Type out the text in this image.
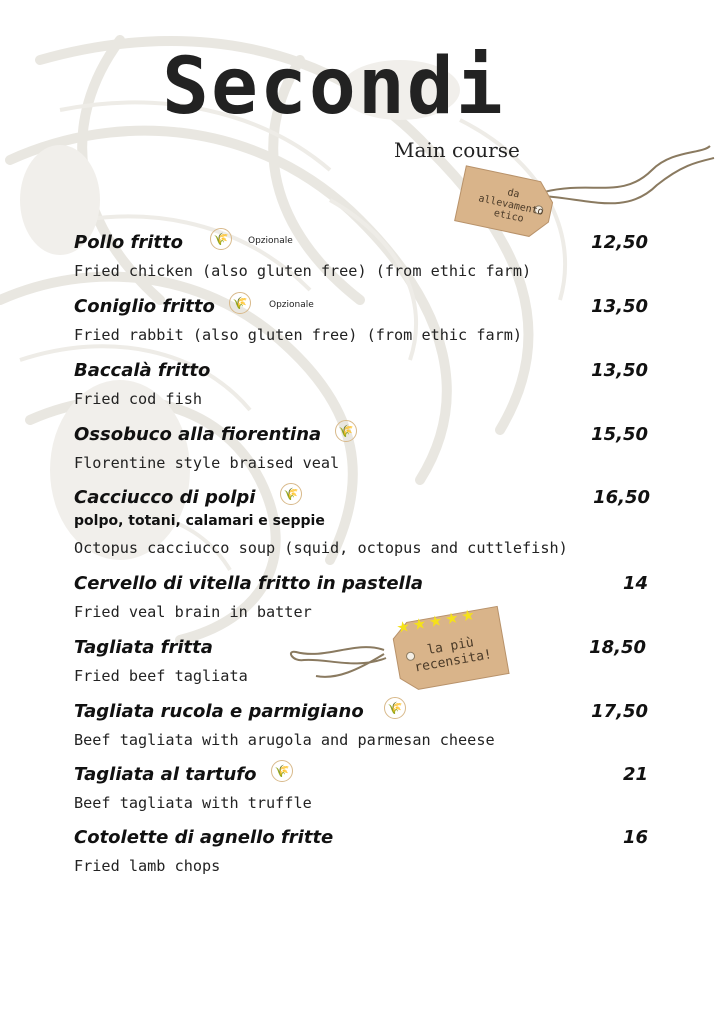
Secondi
Main course
da allevamento etico
★★★★★
la più recensita!
Pollo fritto	🌾	Opzionale	12,50
Fried chicken (also gluten free) (from ethic farm)
Coniglio fritto 🌾	Opzionale	13,50
Fried rabbit (also gluten free) (from ethic farm)
Baccalà fritto	13,50
Fried cod fish
Ossobuco alla fiorentina 🌾	15,50
Florentine style braised veal
Cacciucco di polpi 🌾	16,50
polpo, totani, calamari e seppie
Octopus cacciucco soup (squid, octopus and cuttlefish)
Cervello di vitella fritto in pastella	14
Fried veal brain in batter
Tagliata fritta	18,50
Fried beef tagliata
Tagliata rucola e parmigiano 🌾	17,50
Beef tagliata with arugola and parmesan cheese
Tagliata al tartufo 🌾	21
Beef tagliata with truffle
Cotolette di agnello fritte	16
Fried lamb chops
